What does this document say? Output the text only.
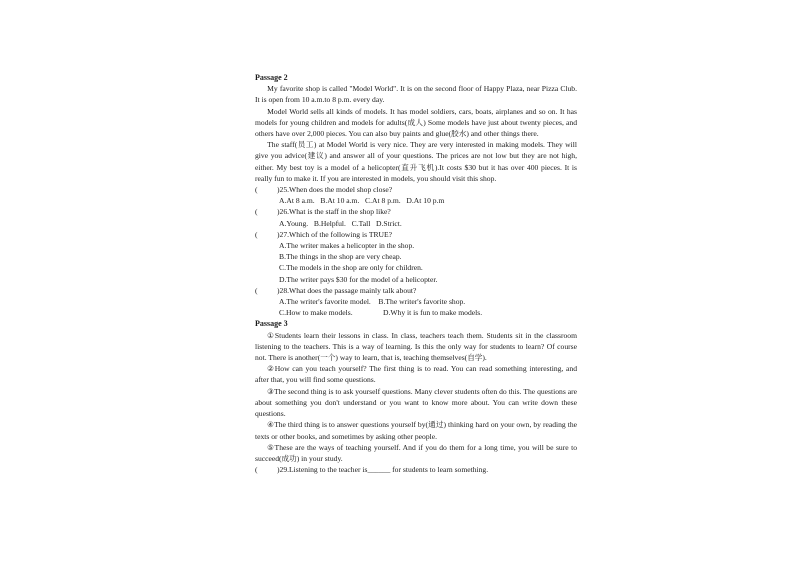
Passage 2

My favorite shop is called "Model World". It is on the second floor of Happy Plaza, near Pizza Club. It is open from 10 a.m.to 8 p.m. every day.

Model World sells all kinds of models. It has model soldiers, cars, boats, airplanes and so on. It has models for young children and models for adults(成人) Some models have just about twenty pieces, and others have over 2,000 pieces. You can also buy paints and glue(胶水) and other things there.

The staff(员工) at Model World is very nice. They are very interested in making models. They will give you advice(建议) and answer all of your questions. The prices are not low but they are not high, either. My best toy is a model of a helicopter(直升飞机).It costs $30 but it has over 400 pieces. It is really fun to make it. If you are interested in models, you should visit this shop.

(	)25.When does the model shop close?

A.At 8 a.m.   B.At 10 a.m.   C.At 8 p.m.   D.At 10 p.m

(	)26.What is the staff in the shop like?

A.Young.   B.Helpful.   C.Tall   D.Strict.

(	)27.Which of the following is TRUE?

A.The writer makes a helicopter in the shop.

B.The things in the shop are very cheap.

C.The models in the shop are only for children.

D.The writer pays $30 for the model of a helicopter.

(	)28.What does the passage mainly talk about?

A.The writer's favorite model.    B.The writer's favorite shop.

C.How to make models.                D.Why it is fun to make models.

Passage 3

①Students learn their lessons in class. In class, teachers teach them. Students sit in the classroom listening to the teachers. This is a way of learning. Is this the only way for students to learn? Of course not. There is another(一个) way to learn, that is, teaching themselves(自学).

②How can you teach yourself? The first thing is to read. You can read something interesting, and after that, you will find some questions.

③The second thing is to ask yourself questions. Many clever students often do this. The questions are about something you don't understand or you want to know more about. You can write down these questions.

④The third thing is to answer questions yourself by(通过) thinking hard on your own, by reading the texts or other books, and sometimes by asking other people.

⑤These are the ways of teaching yourself. And if you do them for a long time, you will be sure to succeed(成功) in your study.

(	)29.Listening to the teacher is______ for students to learn something.
